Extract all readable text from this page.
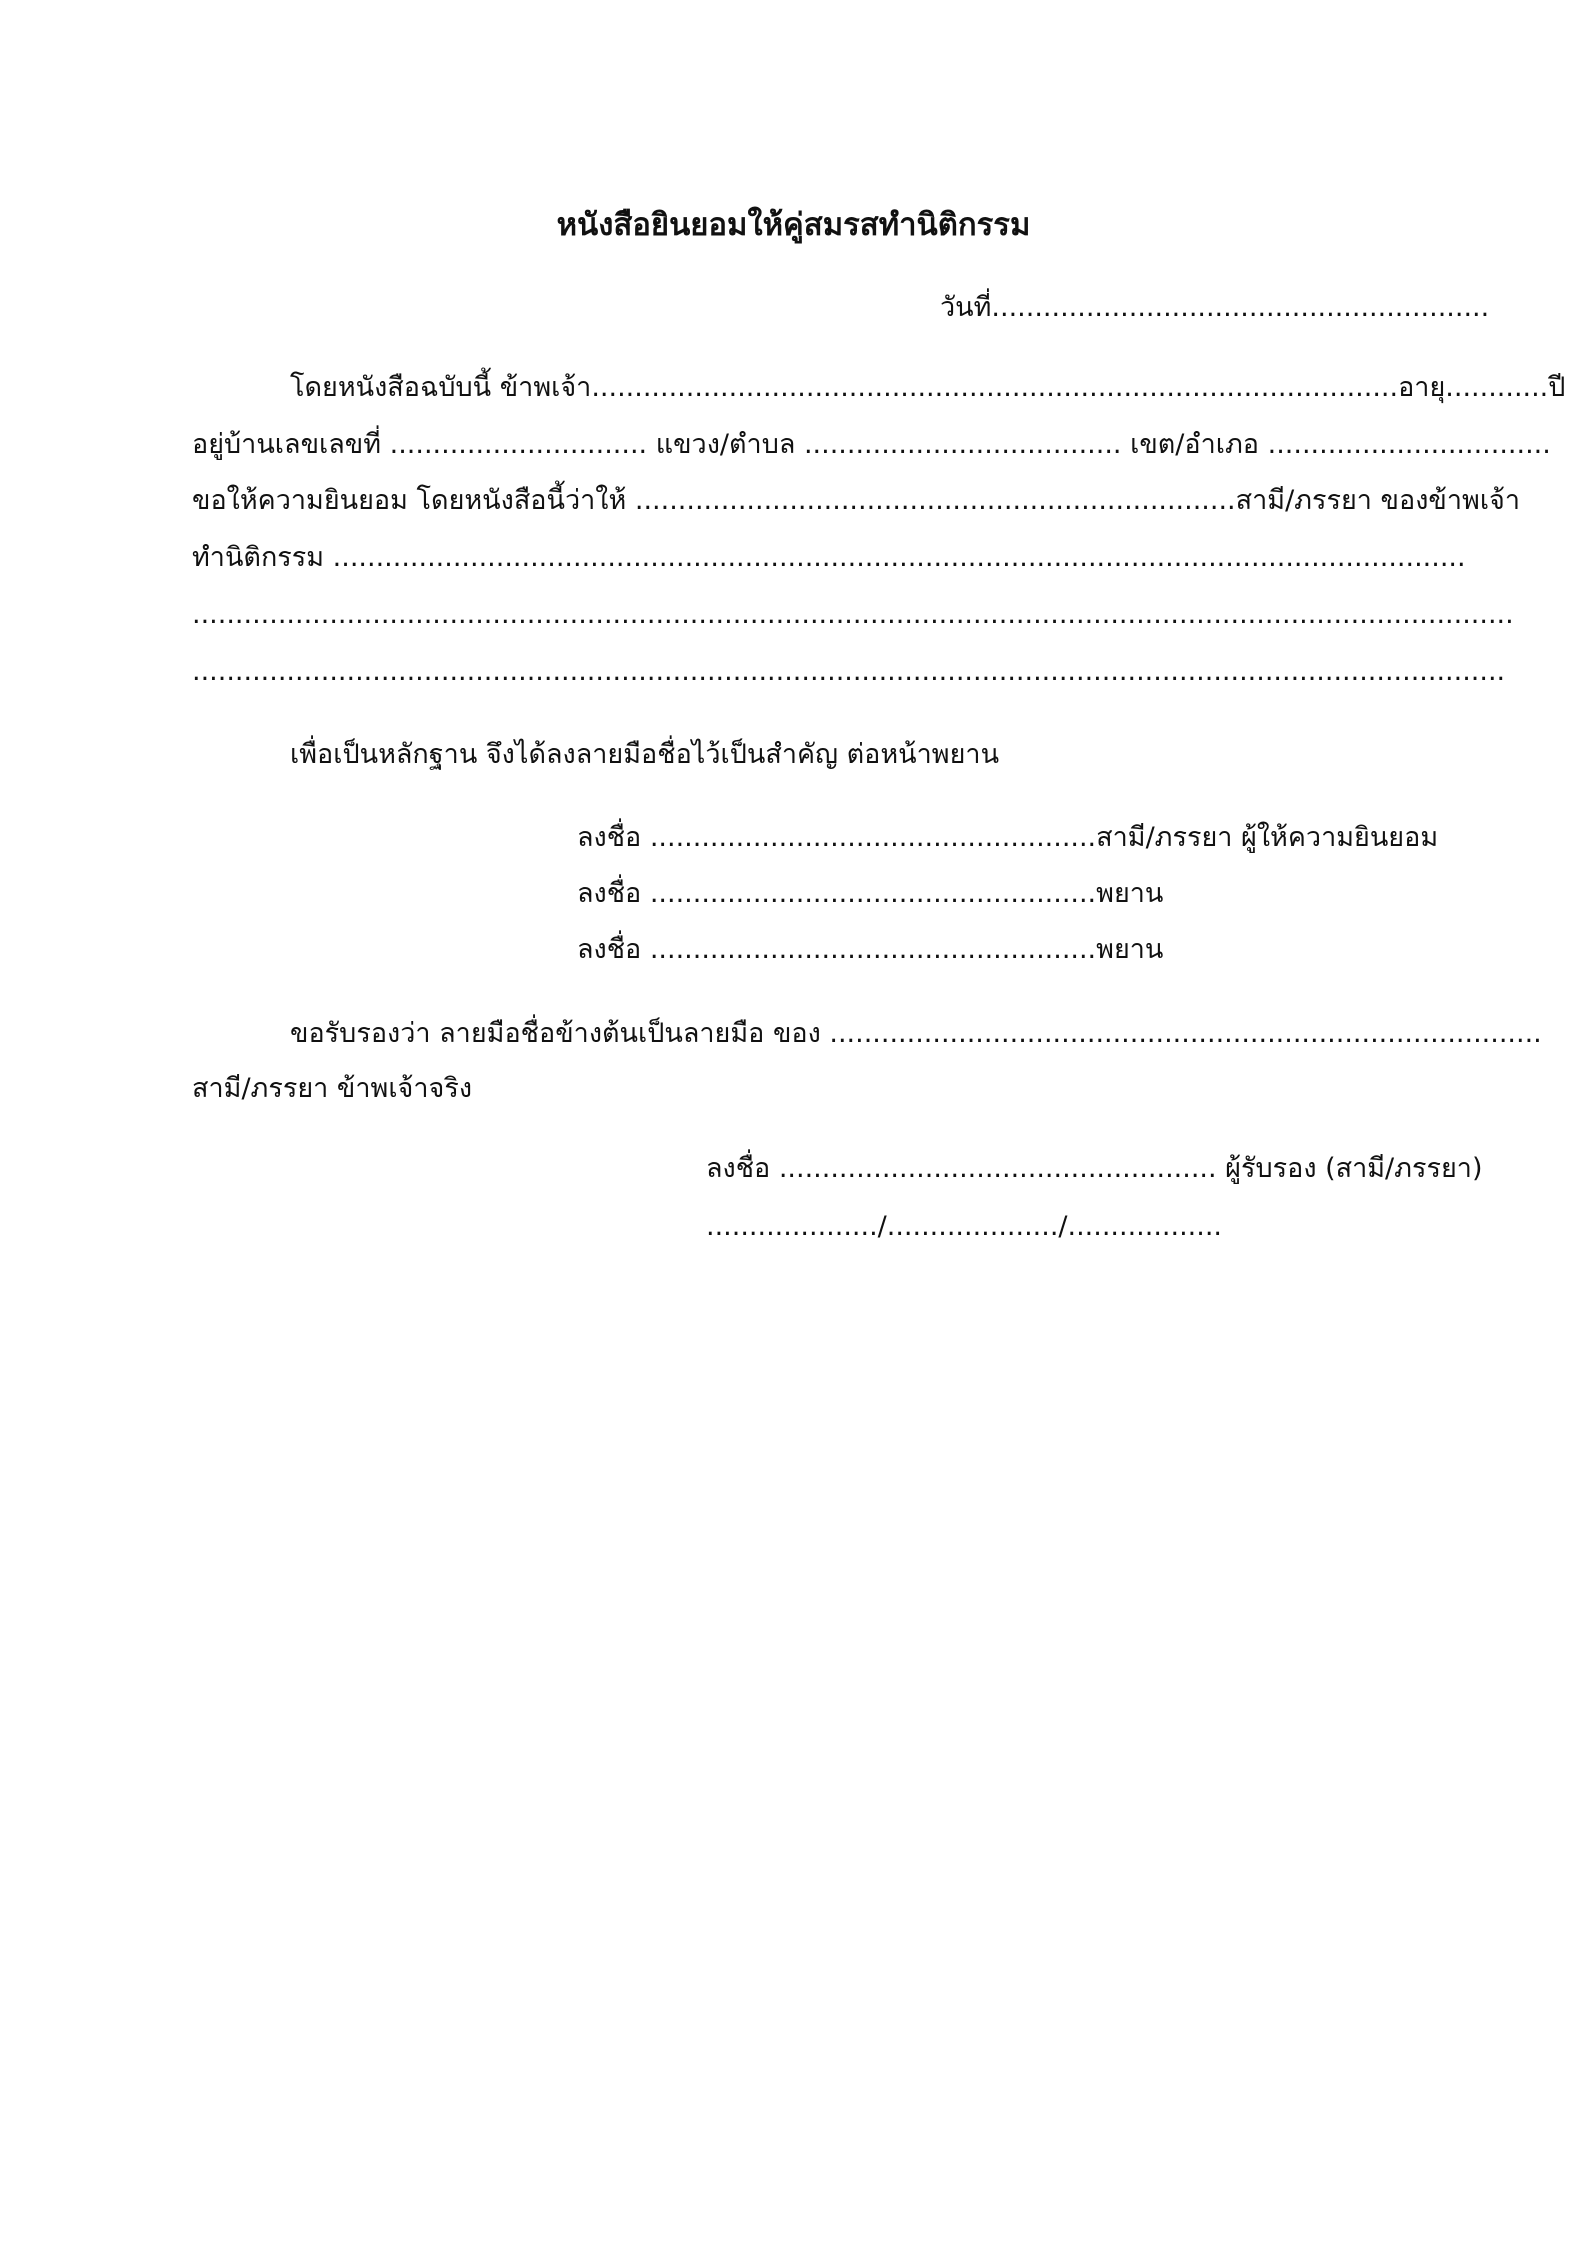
หนังสือยินยอมให้คู่สมรสทำนิติกรรม
วันที่..........................................................
โดยหนังสือฉบับนี้ ข้าพเจ้า..............................................................................................อายุ............ปี
อยู่บ้านเลขเลขที่ .............................. แขวง/ตำบล ..................................... เขต/อำเภอ .................................
ขอให้ความยินยอม โดยหนังสือนี้ว่าให้ ......................................................................สามี/ภรรยา ของข้าพเจ้า
ทำนิติกรรม ....................................................................................................................................
..........................................................................................................................................................
.........................................................................................................................................................
เพื่อเป็นหลักฐาน จึงได้ลงลายมือชื่อไว้เป็นสำคัญ ต่อหน้าพยาน
ลงชื่อ ....................................................สามี/ภรรยา ผู้ให้ความยินยอม
ลงชื่อ ....................................................พยาน
ลงชื่อ ....................................................พยาน
ขอรับรองว่า ลายมือชื่อข้างต้นเป็นลายมือ ของ ...................................................................................
สามี/ภรรยา ข้าพเจ้าจริง
ลงชื่อ ................................................... ผู้รับรอง (สามี/ภรรยา)
..................../..................../..................
